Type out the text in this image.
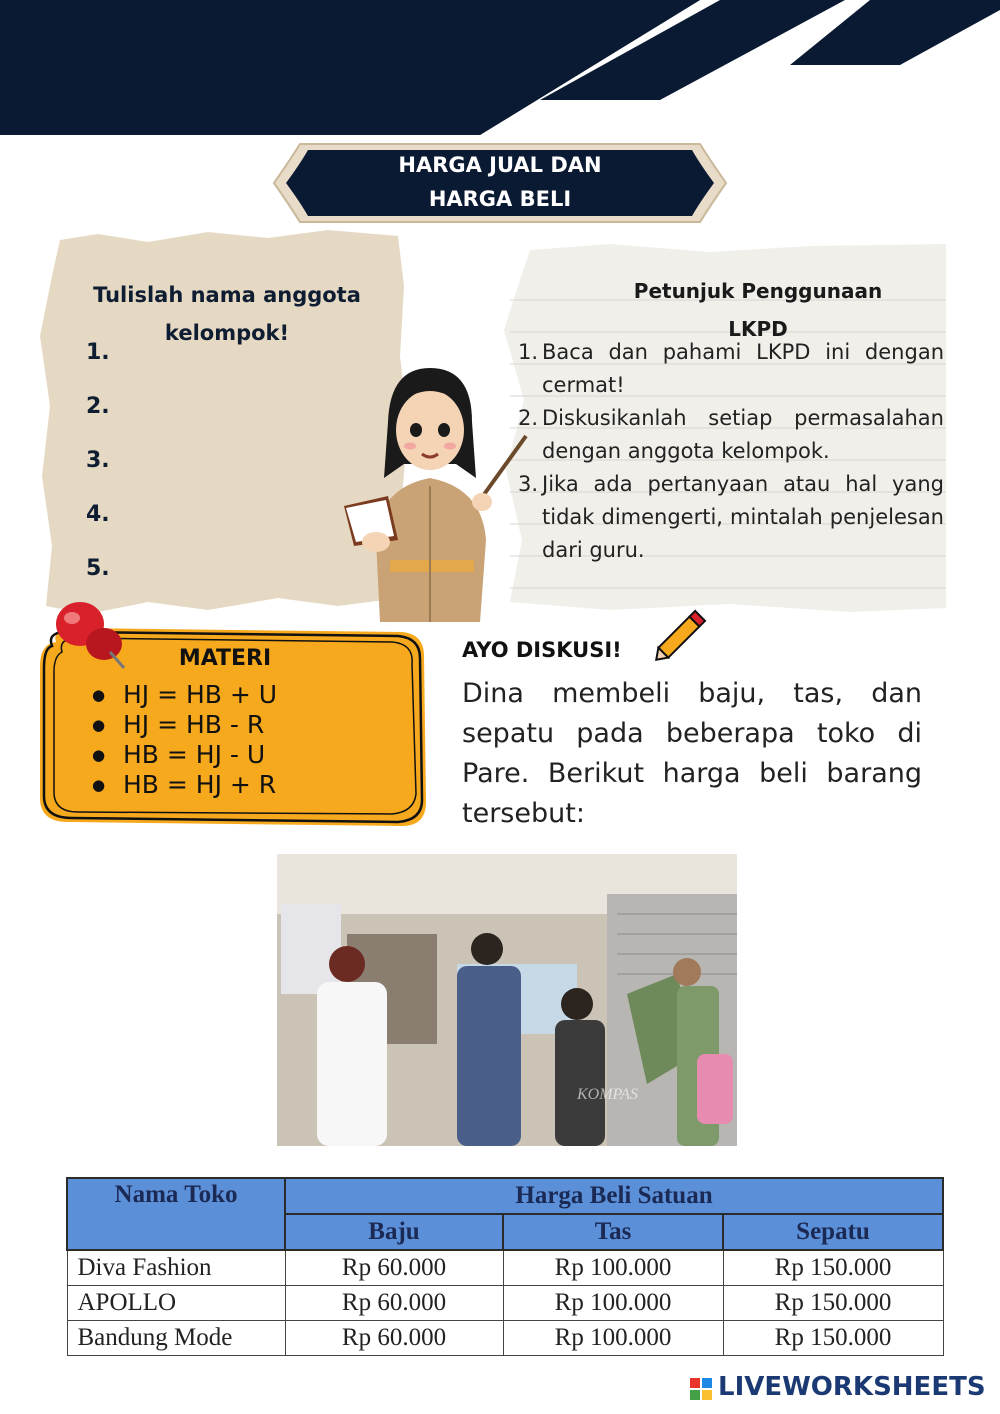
HARGA JUAL DAN
HARGA BELI
Tulislah nama anggota
kelompok!
1.
2.
3.
4.
5.
Petunjuk Penggunaan
LKPD
1. Baca dan pahami LKPD ini dengan cermat!
2. Diskusikanlah setiap permasalahan dengan anggota kelompok.
3. Jika ada pertanyaan atau hal yang tidak dimengerti, mintalah penjelesan dari guru.
MATERI
● HJ = HB + U
● HJ = HB - R
● HB = HJ - U
● HB = HJ + R
AYO DISKUSI!
Dina membeli baju, tas, dan sepatu pada beberapa toko di Pare. Berikut harga beli barang tersebut:
KOMPAS
Nama Toko	Harga Beli Satuan		
	Baju	Tas	Sepatu
Diva Fashion	Rp 60.000	Rp 100.000	Rp 150.000
APOLLO	Rp 60.000	Rp 100.000	Rp 150.000
Bandung Mode	Rp 60.000	Rp 100.000	Rp 150.000
LIVEWORKSHEETS
